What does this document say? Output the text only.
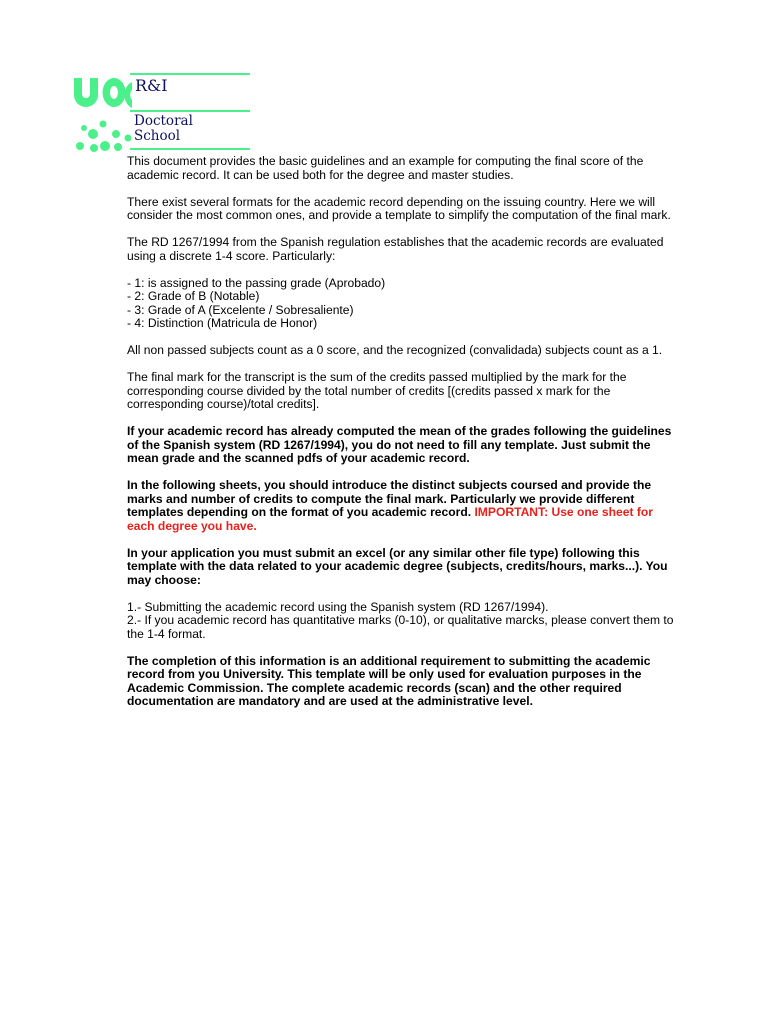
R&I
Doctoral
School

This document provides the basic guidelines and an example for computing the final score of the academic record. It can be used both for the degree and master studies.

There exist several formats for the academic record depending on the issuing country. Here we will consider the most common ones, and provide a template to simplify the computation of the final mark.

The RD 1267/1994 from the Spanish regulation establishes that the academic records are evaluated using a discrete 1-4 score. Particularly:

- 1: is assigned to the passing grade (Aprobado)
- 2: Grade of B (Notable)
- 3: Grade of A (Excelente / Sobresaliente)
- 4: Distinction (Matricula de Honor)

All non passed subjects count as a 0 score, and the recognized (convalidada) subjects count as a 1.

The final mark for the transcript is the sum of the credits passed multiplied by the mark for the corresponding course divided by the total number of credits [(credits passed x mark for the corresponding course)/total credits].

If your academic record has already computed the mean of the grades following the guidelines of the Spanish system (RD 1267/1994), you do not need to fill any template. Just submit the mean grade and the scanned pdfs of your academic record.

In the following sheets, you should introduce the distinct subjects coursed and provide the marks and number of credits to compute the final mark. Particularly we provide different templates depending on the format of you academic record. IMPORTANT: Use one sheet for each degree you have.

In your application you must submit an excel (or any similar other file type) following this template with the data related to your academic degree (subjects, credits/hours, marks...). You may choose:

1.- Submitting the academic record using the Spanish system (RD 1267/1994).
2.- If you academic record has quantitative marks (0-10), or qualitative marcks, please convert them to the 1-4 format.

The completion of this information is an additional requirement to submitting the academic record from you University. This template will be only used for evaluation purposes in the Academic Commission. The complete academic records (scan) and the other required documentation are mandatory and are used at the administrative level.
